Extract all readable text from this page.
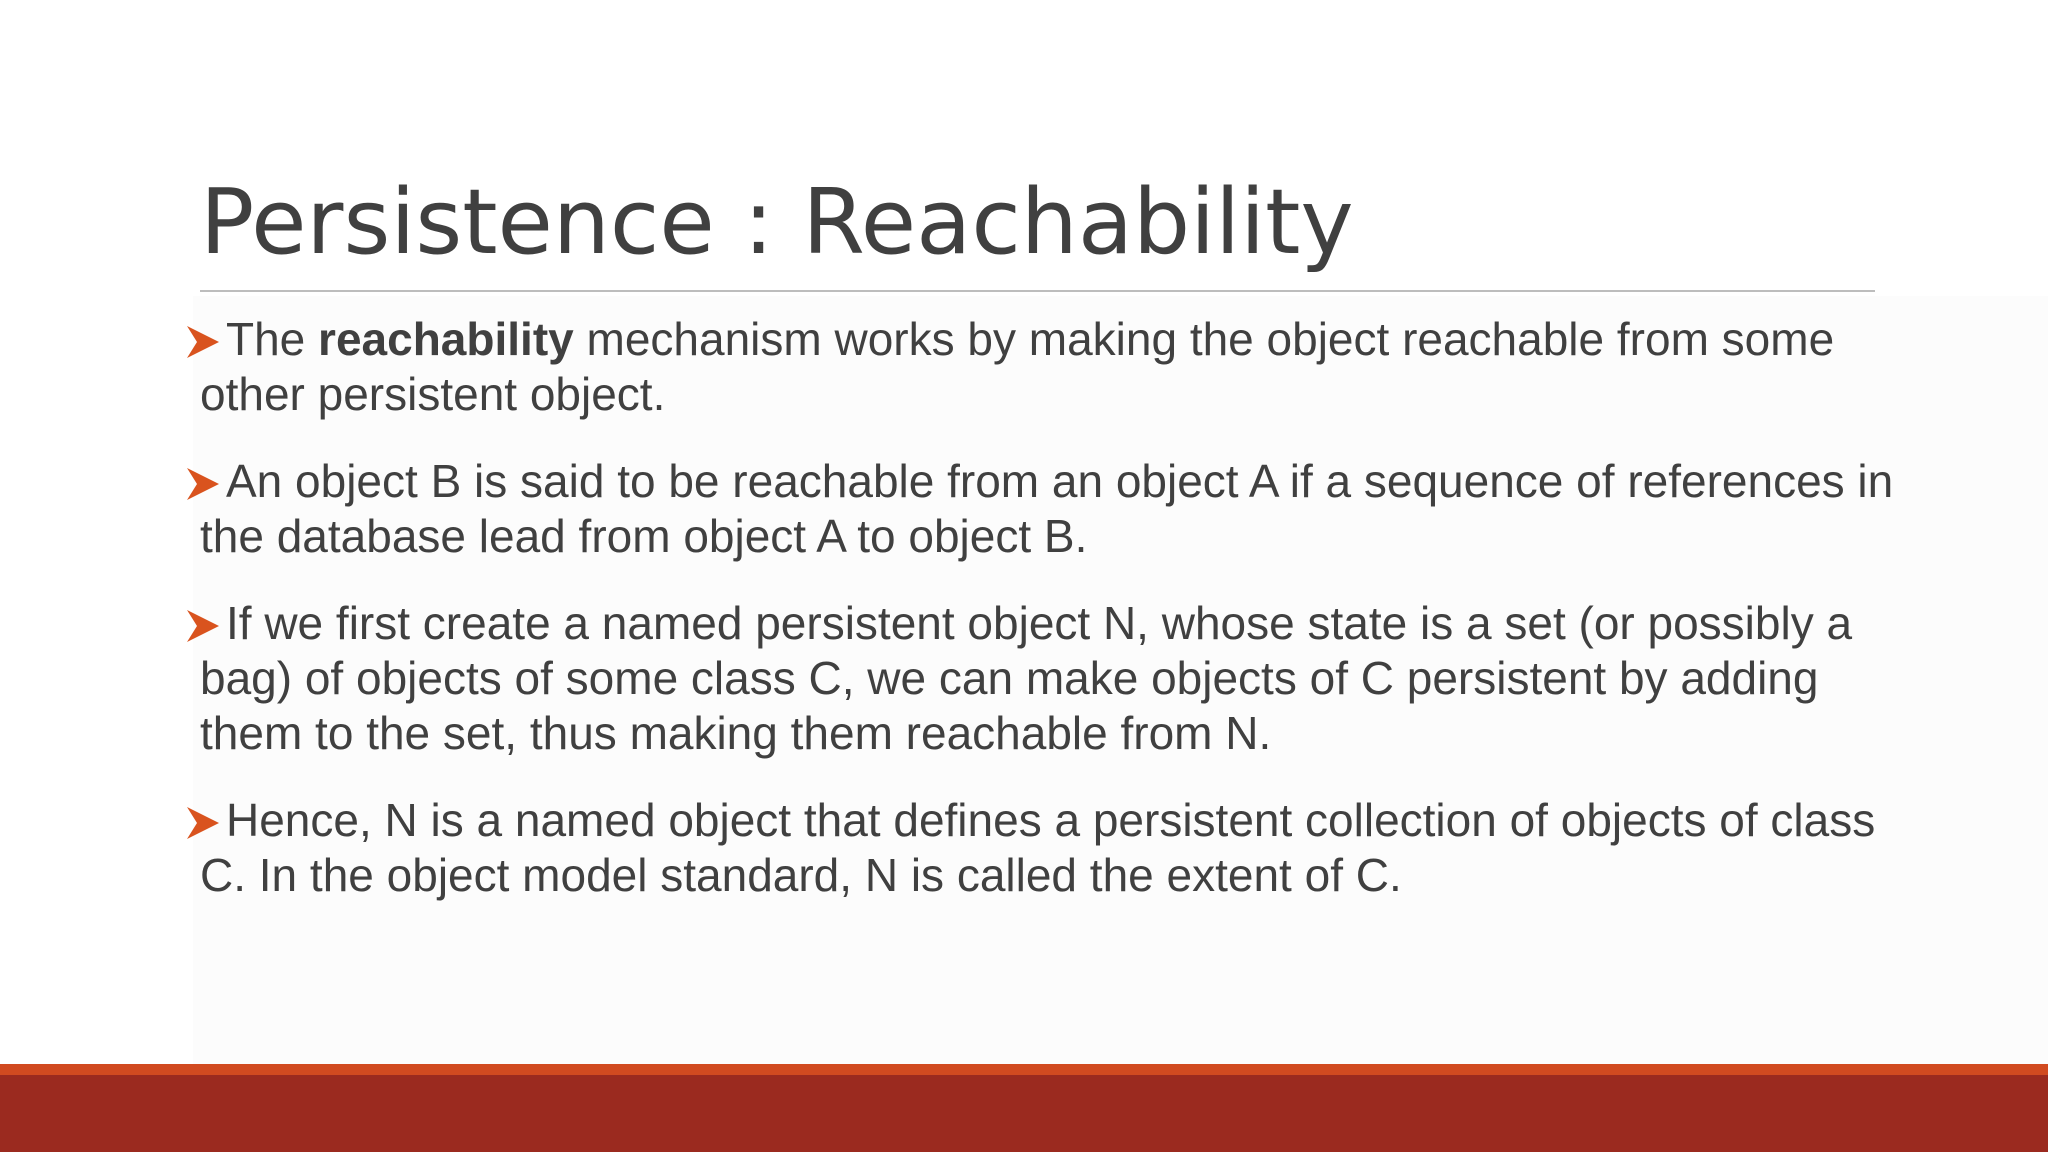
Persistence : Reachability
The reachability mechanism works by making the object reachable from some other persistent object.
An object B is said to be reachable from an object A if a sequence of references in the database lead from object A to object B.
If we first create a named persistent object N, whose state is a set (or possibly a bag) of objects of some class C, we can make objects of C persistent by adding them to the set, thus making them reachable from N.
Hence, N is a named object that defines a persistent collection of objects of class C. In the object model standard, N is called the extent of C.
